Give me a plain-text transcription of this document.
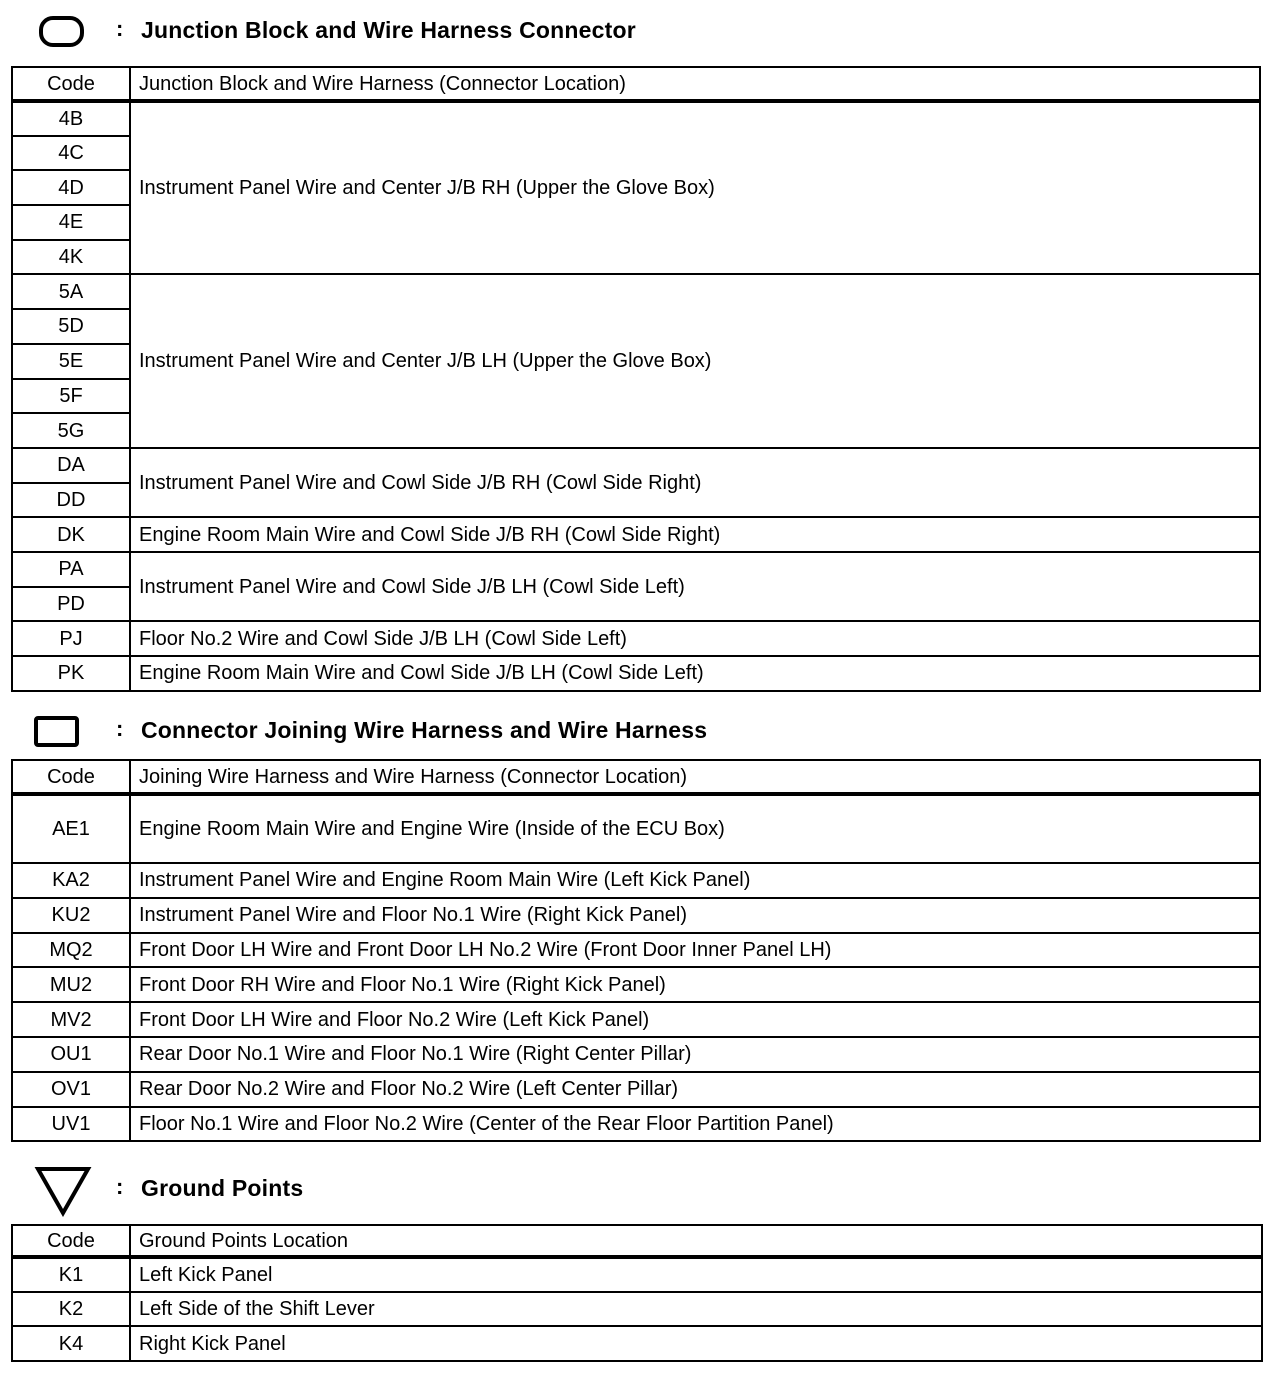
: Junction Block and Wire Harness Connector
Code	Junction Block and Wire Harness (Connector Location)
4B	Instrument Panel Wire and Center J/B RH (Upper the Glove Box)
4C	
4D	
4E	
4K	
5A	Instrument Panel Wire and Center J/B LH (Upper the Glove Box)
5D	
5E	
5F	
5G	
DA	Instrument Panel Wire and Cowl Side J/B RH (Cowl Side Right)
DD	
DK	Engine Room Main Wire and Cowl Side J/B RH (Cowl Side Right)
PA	Instrument Panel Wire and Cowl Side J/B LH (Cowl Side Left)
PD	
PJ	Floor No.2 Wire and Cowl Side J/B LH (Cowl Side Left)
PK	Engine Room Main Wire and Cowl Side J/B LH (Cowl Side Left)
: Connector Joining Wire Harness and Wire Harness
Code	Joining Wire Harness and Wire Harness (Connector Location)
AE1	Engine Room Main Wire and Engine Wire (Inside of the ECU Box)
KA2	Instrument Panel Wire and Engine Room Main Wire (Left Kick Panel)
KU2	Instrument Panel Wire and Floor No.1 Wire (Right Kick Panel)
MQ2	Front Door LH Wire and Front Door LH No.2 Wire (Front Door Inner Panel LH)
MU2	Front Door RH Wire and Floor No.1 Wire (Right Kick Panel)
MV2	Front Door LH Wire and Floor No.2 Wire (Left Kick Panel)
OU1	Rear Door No.1 Wire and Floor No.1 Wire (Right Center Pillar)
OV1	Rear Door No.2 Wire and Floor No.2 Wire (Left Center Pillar)
UV1	Floor No.1 Wire and Floor No.2 Wire (Center of the Rear Floor Partition Panel)
: Ground Points
Code	Ground Points Location
K1	Left Kick Panel
K2	Left Side of the Shift Lever
K4	Right Kick Panel
